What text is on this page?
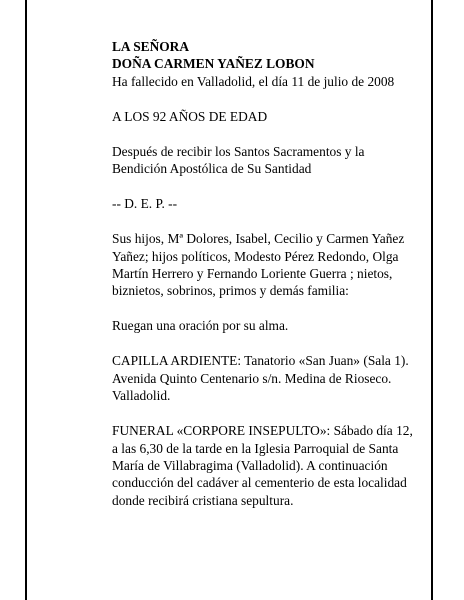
LA SEÑORA
DOÑA CARMEN YAÑEZ LOBON
Ha fallecido en Valladolid, el día 11 de julio de 2008
A LOS 92 AÑOS DE EDAD
Después de recibir los Santos Sacramentos y la
Bendición Apostólica de Su Santidad
-- D. E. P. --
Sus hijos, Mª Dolores, Isabel, Cecilio y Carmen Yañez
Yañez; hijos políticos, Modesto Pérez Redondo, Olga
Martín Herrero y Fernando Loriente Guerra ; nietos,
biznietos, sobrinos, primos y demás familia:
Ruegan una oración por su alma.
CAPILLA ARDIENTE: Tanatorio «San Juan» (Sala 1).
Avenida Quinto Centenario s/n. Medina de Rioseco.
Valladolid.
FUNERAL «CORPORE INSEPULTO»: Sábado día 12,
a las 6,30 de la tarde en la Iglesia Parroquial de Santa
María de Villabragima (Valladolid). A continuación
conducción del cadáver al cementerio de esta localidad
donde recibirá cristiana sepultura.
